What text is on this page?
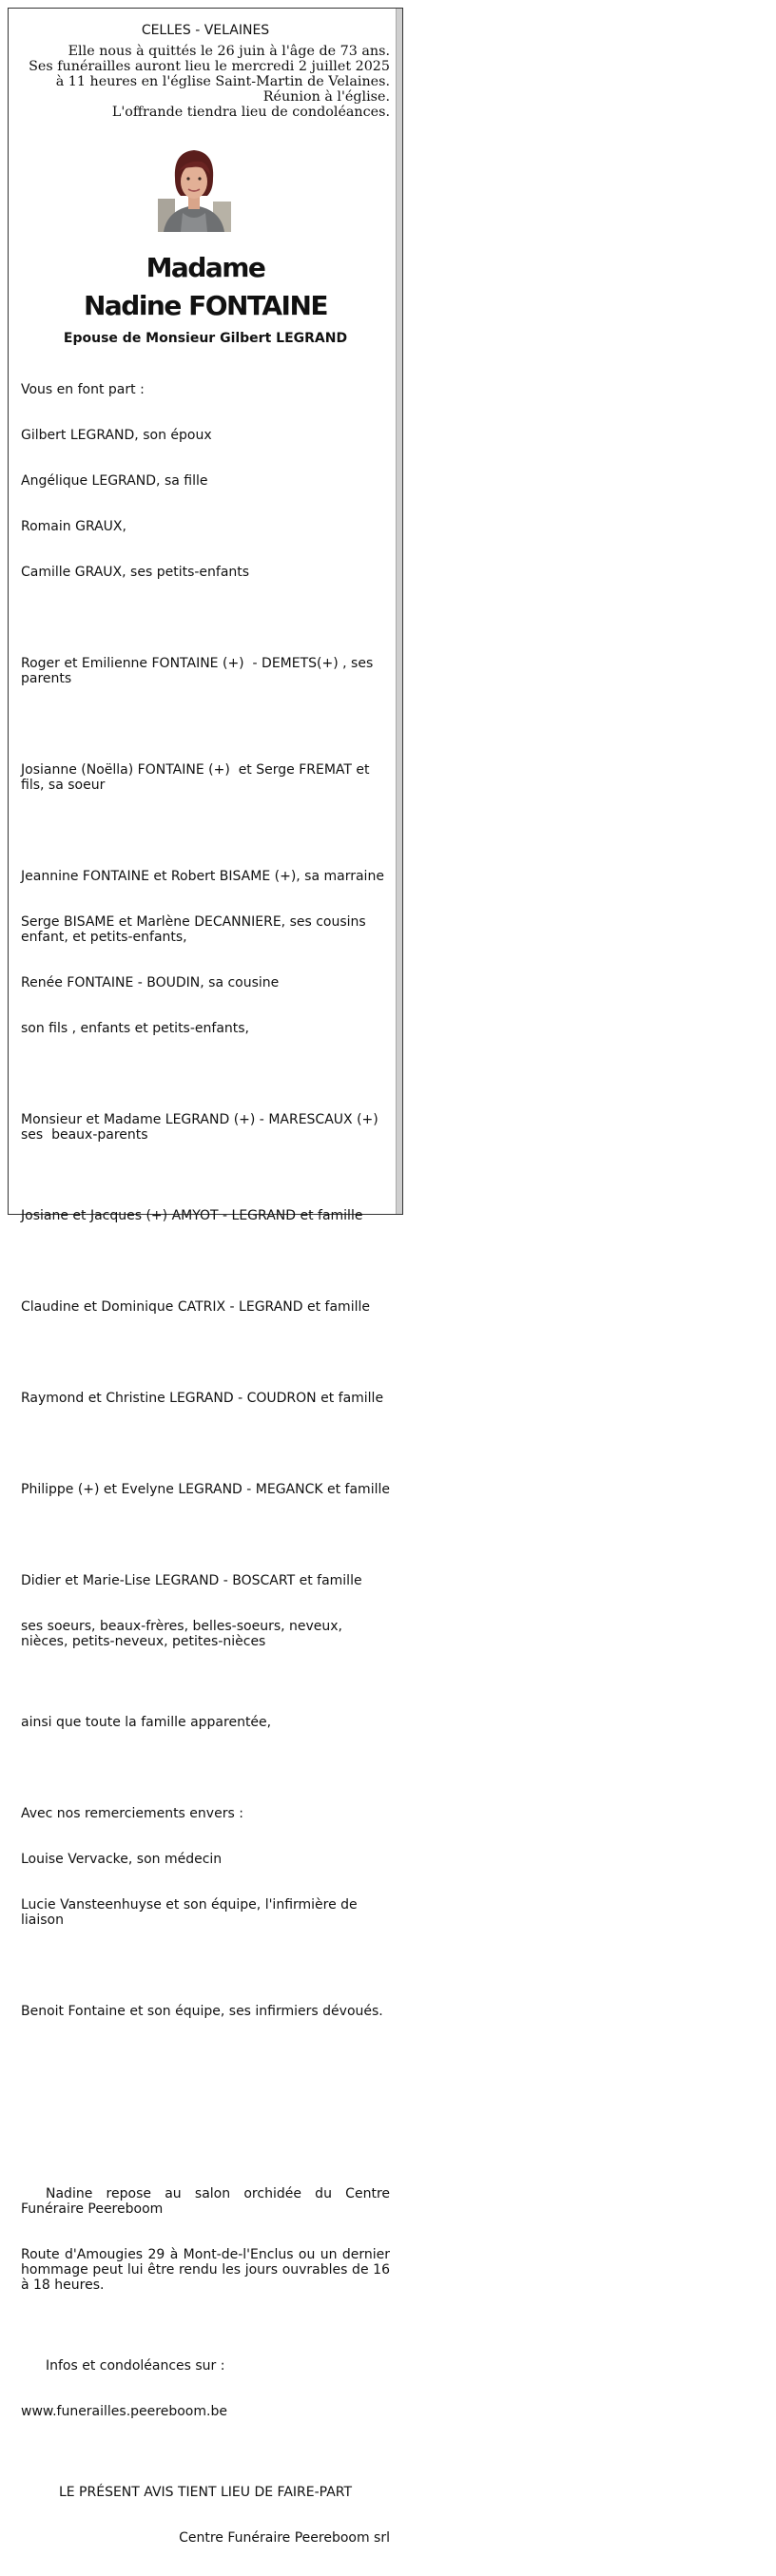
CELLES - VELAINES
Elle nous à quittés le 26 juin à l'âge de 73 ans.
Ses funérailles auront lieu le mercredi 2 juillet 2025
à 11 heures en l'église Saint-Martin de Velaines.
Réunion à l'église.
L'offrande tiendra lieu de condoléances.
Madame
Nadine FONTAINE
Epouse de Monsieur Gilbert LEGRAND

Vous en font part :

Gilbert LEGRAND, son époux

Angélique LEGRAND, sa fille

Romain GRAUX,

Camille GRAUX, ses petits-enfants

Roger et Emilienne FONTAINE (+)  - DEMETS(+) , ses parents

Josianne (Noëlla) FONTAINE (+)  et Serge FREMAT et fils, sa soeur

Jeannine FONTAINE et Robert BISAME (+), sa marraine

Serge BISAME et Marlène DECANNIERE, ses cousins enfant, et petits-enfants,

Renée FONTAINE - BOUDIN, sa cousine

son fils , enfants et petits-enfants,

Monsieur et Madame LEGRAND (+) - MARESCAUX (+)  ses  beaux-parents

Josiane et Jacques (+) AMYOT - LEGRAND et famille

Claudine et Dominique CATRIX - LEGRAND et famille

Raymond et Christine LEGRAND - COUDRON et famille

Philippe (+) et Evelyne LEGRAND - MEGANCK et famille

Didier et Marie-Lise LEGRAND - BOSCART et famille

ses soeurs, beaux-frères, belles-soeurs, neveux, nièces, petits-neveux, petites-nièces

ainsi que toute la famille apparentée,

Avec nos remerciements envers :

Louise Vervacke, son médecin

Lucie Vansteenhuyse et son équipe, l'infirmière de liaison

Benoit Fontaine et son équipe, ses infirmiers dévoués.

Nadine repose au salon orchidée du Centre Funéraire Peereboom

Route d'Amougies 29 à Mont-de-l'Enclus ou un dernier hommage peut lui être rendu les jours ouvrables de 16 à 18 heures.

Infos et condoléances sur :

www.funerailles.peereboom.be

LE PRÉSENT AVIS TIENT LIEU DE FAIRE-PART

Centre Funéraire Peereboom srl
